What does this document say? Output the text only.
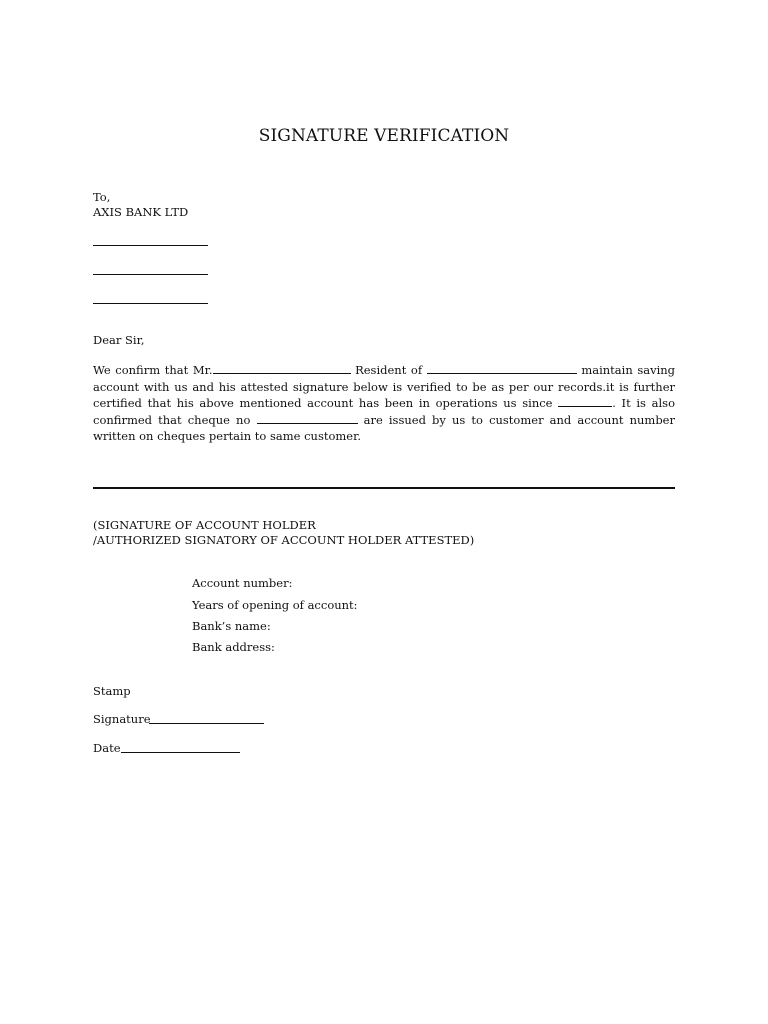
SIGNATURE VERIFICATION
To,
AXIS BANK LTD
Dear Sir,
We confirm that Mr.	Resident of	maintain saving account with us and his attested signature below is verified to be as per our records.it is further certified that his above mentioned account has been in operations us since	. It is also confirmed that cheque no	are issued by us to customer and account number written on cheques pertain to same customer.
(SIGNATURE OF ACCOUNT HOLDER
/AUTHORIZED SIGNATORY OF ACCOUNT HOLDER ATTESTED)
Account number:
Years of opening of account:
Bank’s name:
Bank address:
Stamp
Signature
Date
